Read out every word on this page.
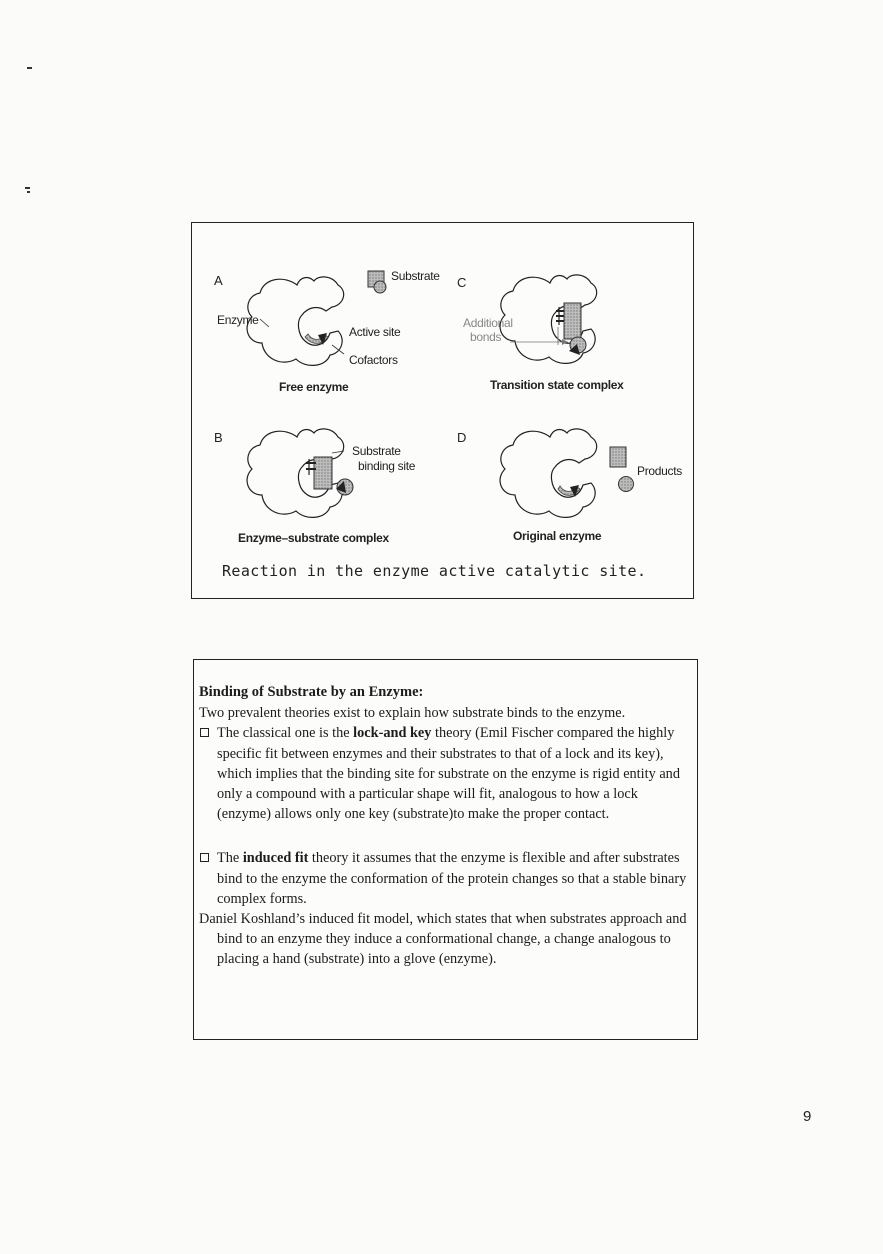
A	C
B	D
Substrate
Enzyme
Active site
Cofactors
Free enzyme
Additional
bonds
Transition state complex
Substrate
binding site
Enzyme–substrate complex
Products
Original enzyme
Reaction in the enzyme active catalytic site.
Binding of Substrate by an Enzyme:
Two prevalent theories exist to explain how substrate binds to the enzyme.
The classical one is the lock-and key theory (Emil Fischer compared the highly specific fit between enzymes and their substrates to that of a lock and its key), which implies that the binding site for substrate on the enzyme is rigid entity and only a compound with a particular shape will fit, analogous to how a lock (enzyme) allows only one key (substrate)to make the proper contact.
The induced fit theory it assumes that the enzyme is flexible and after substrates bind to the enzyme the conformation of the protein changes so that a stable binary complex forms.
Daniel Koshland’s induced fit model, which states that when substrates approach and bind to an enzyme they induce a conformational change, a change analogous to placing a hand (substrate) into a glove (enzyme).
9
